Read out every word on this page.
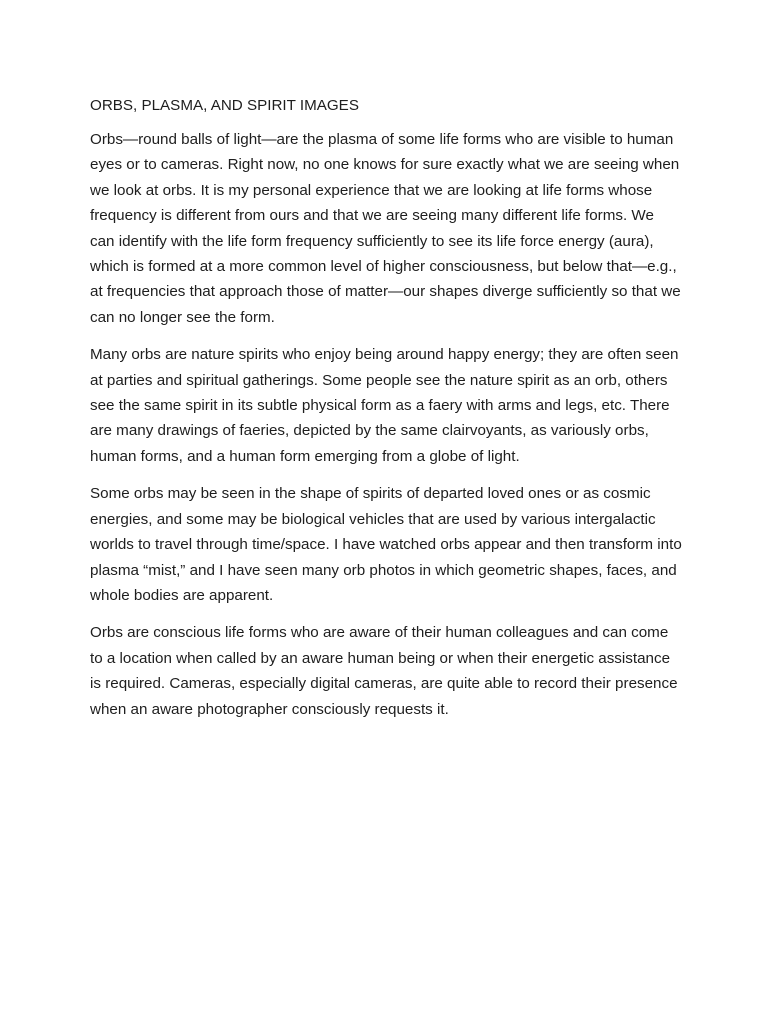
ORBS, PLASMA, AND SPIRIT IMAGES

Orbs—round balls of light—are the plasma of some life forms who are visible to human eyes or to cameras. Right now, no one knows for sure exactly what we are seeing when we look at orbs. It is my personal experience that we are looking at life forms whose frequency is different from ours and that we are seeing many different life forms. We can identify with the life form frequency sufficiently to see its life force energy (aura), which is formed at a more common level of higher consciousness, but below that—e.g., at frequencies that approach those of matter—our shapes diverge sufficiently so that we can no longer see the form.

Many orbs are nature spirits who enjoy being around happy energy; they are often seen at parties and spiritual gatherings. Some people see the nature spirit as an orb, others see the same spirit in its subtle physical form as a faery with arms and legs, etc. There are many drawings of faeries, depicted by the same clairvoyants, as variously orbs, human forms, and a human form emerging from a globe of light.

Some orbs may be seen in the shape of spirits of departed loved ones or as cosmic energies, and some may be biological vehicles that are used by various intergalactic worlds to travel through time/space. I have watched orbs appear and then transform into plasma “mist,” and I have seen many orb photos in which geometric shapes, faces, and whole bodies are apparent.

Orbs are conscious life forms who are aware of their human colleagues and can come to a location when called by an aware human being or when their energetic assistance is required. Cameras, especially digital cameras, are quite able to record their presence when an aware photographer consciously requests it.
